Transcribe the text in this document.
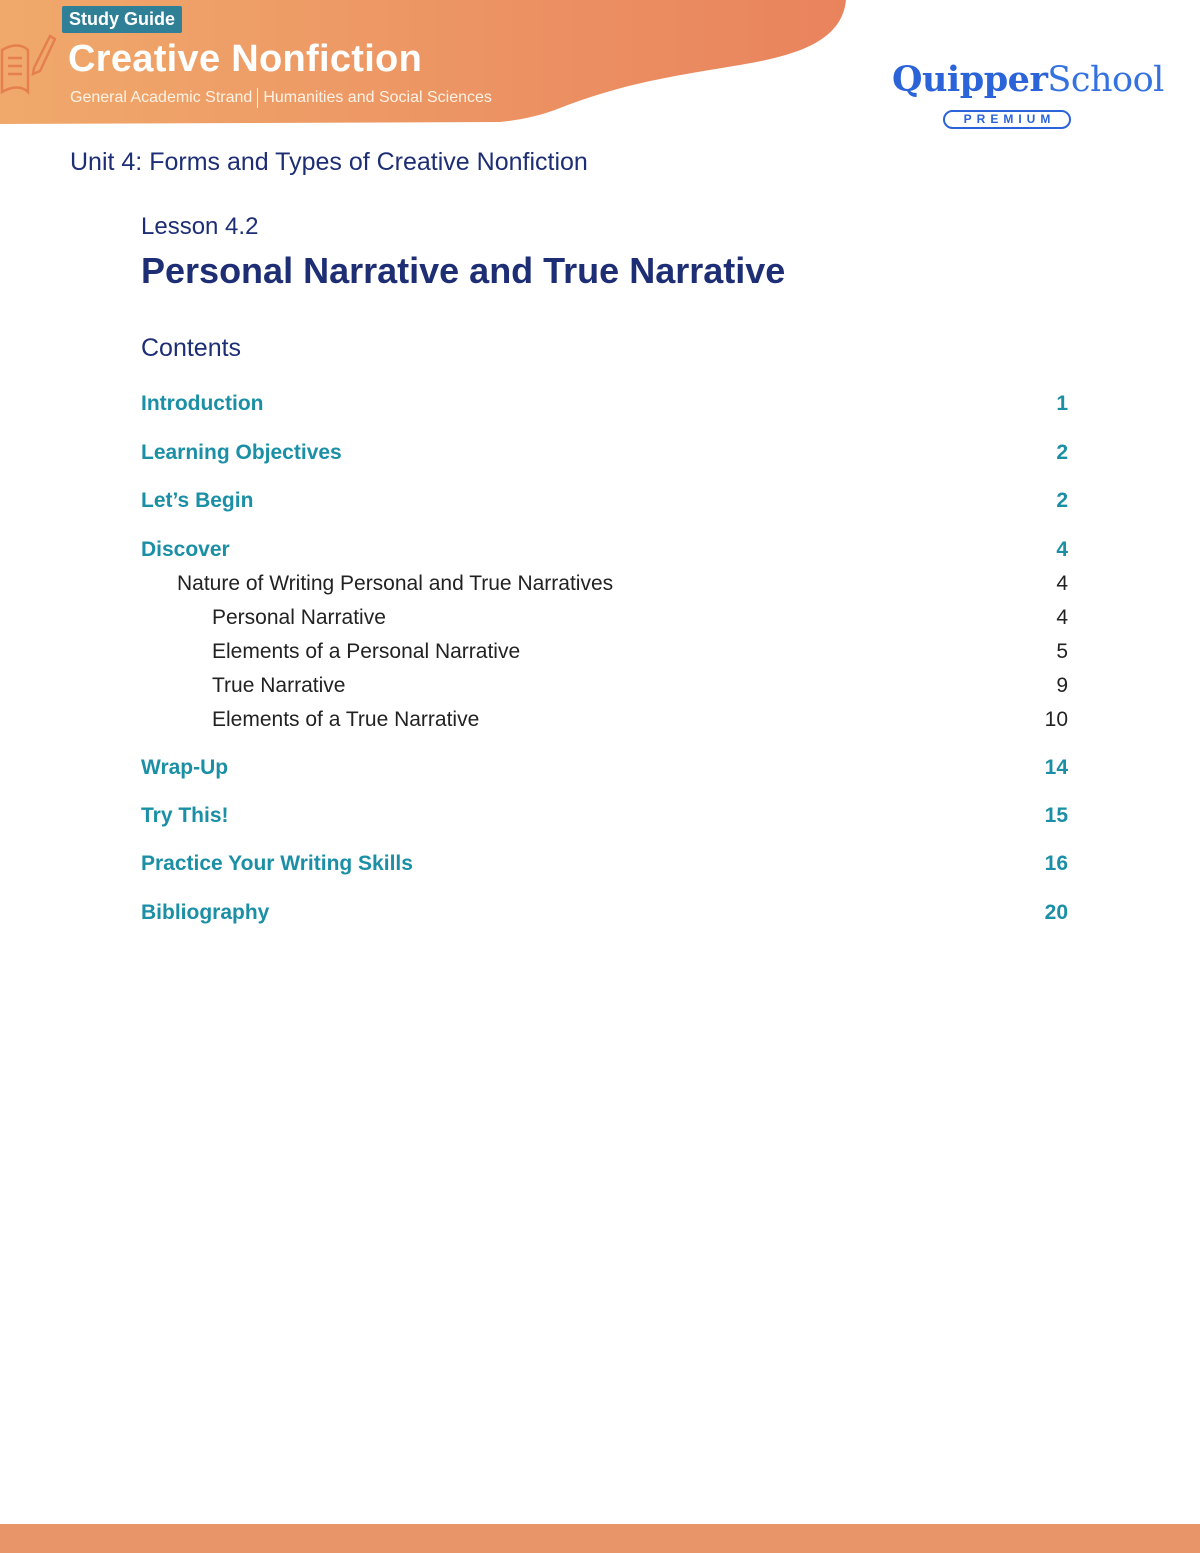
Study Guide
Creative Nonfiction
General Academic Strand Humanities and Social Sciences	QuipperSchool
PREMIUM
Unit 4: Forms and Types of Creative Nonfiction
Lesson 4.2
Personal Narrative and True Narrative
Contents
Introduction	1
Learning Objectives	2
Let’s Begin	2
Discover	4
Nature of Writing Personal and True Narratives	4
Personal Narrative	4
Elements of a Personal Narrative	5
True Narrative	9
Elements of a True Narrative	10
Wrap-Up	14
Try This!	15
Practice Your Writing Skills	16
Bibliography	20
